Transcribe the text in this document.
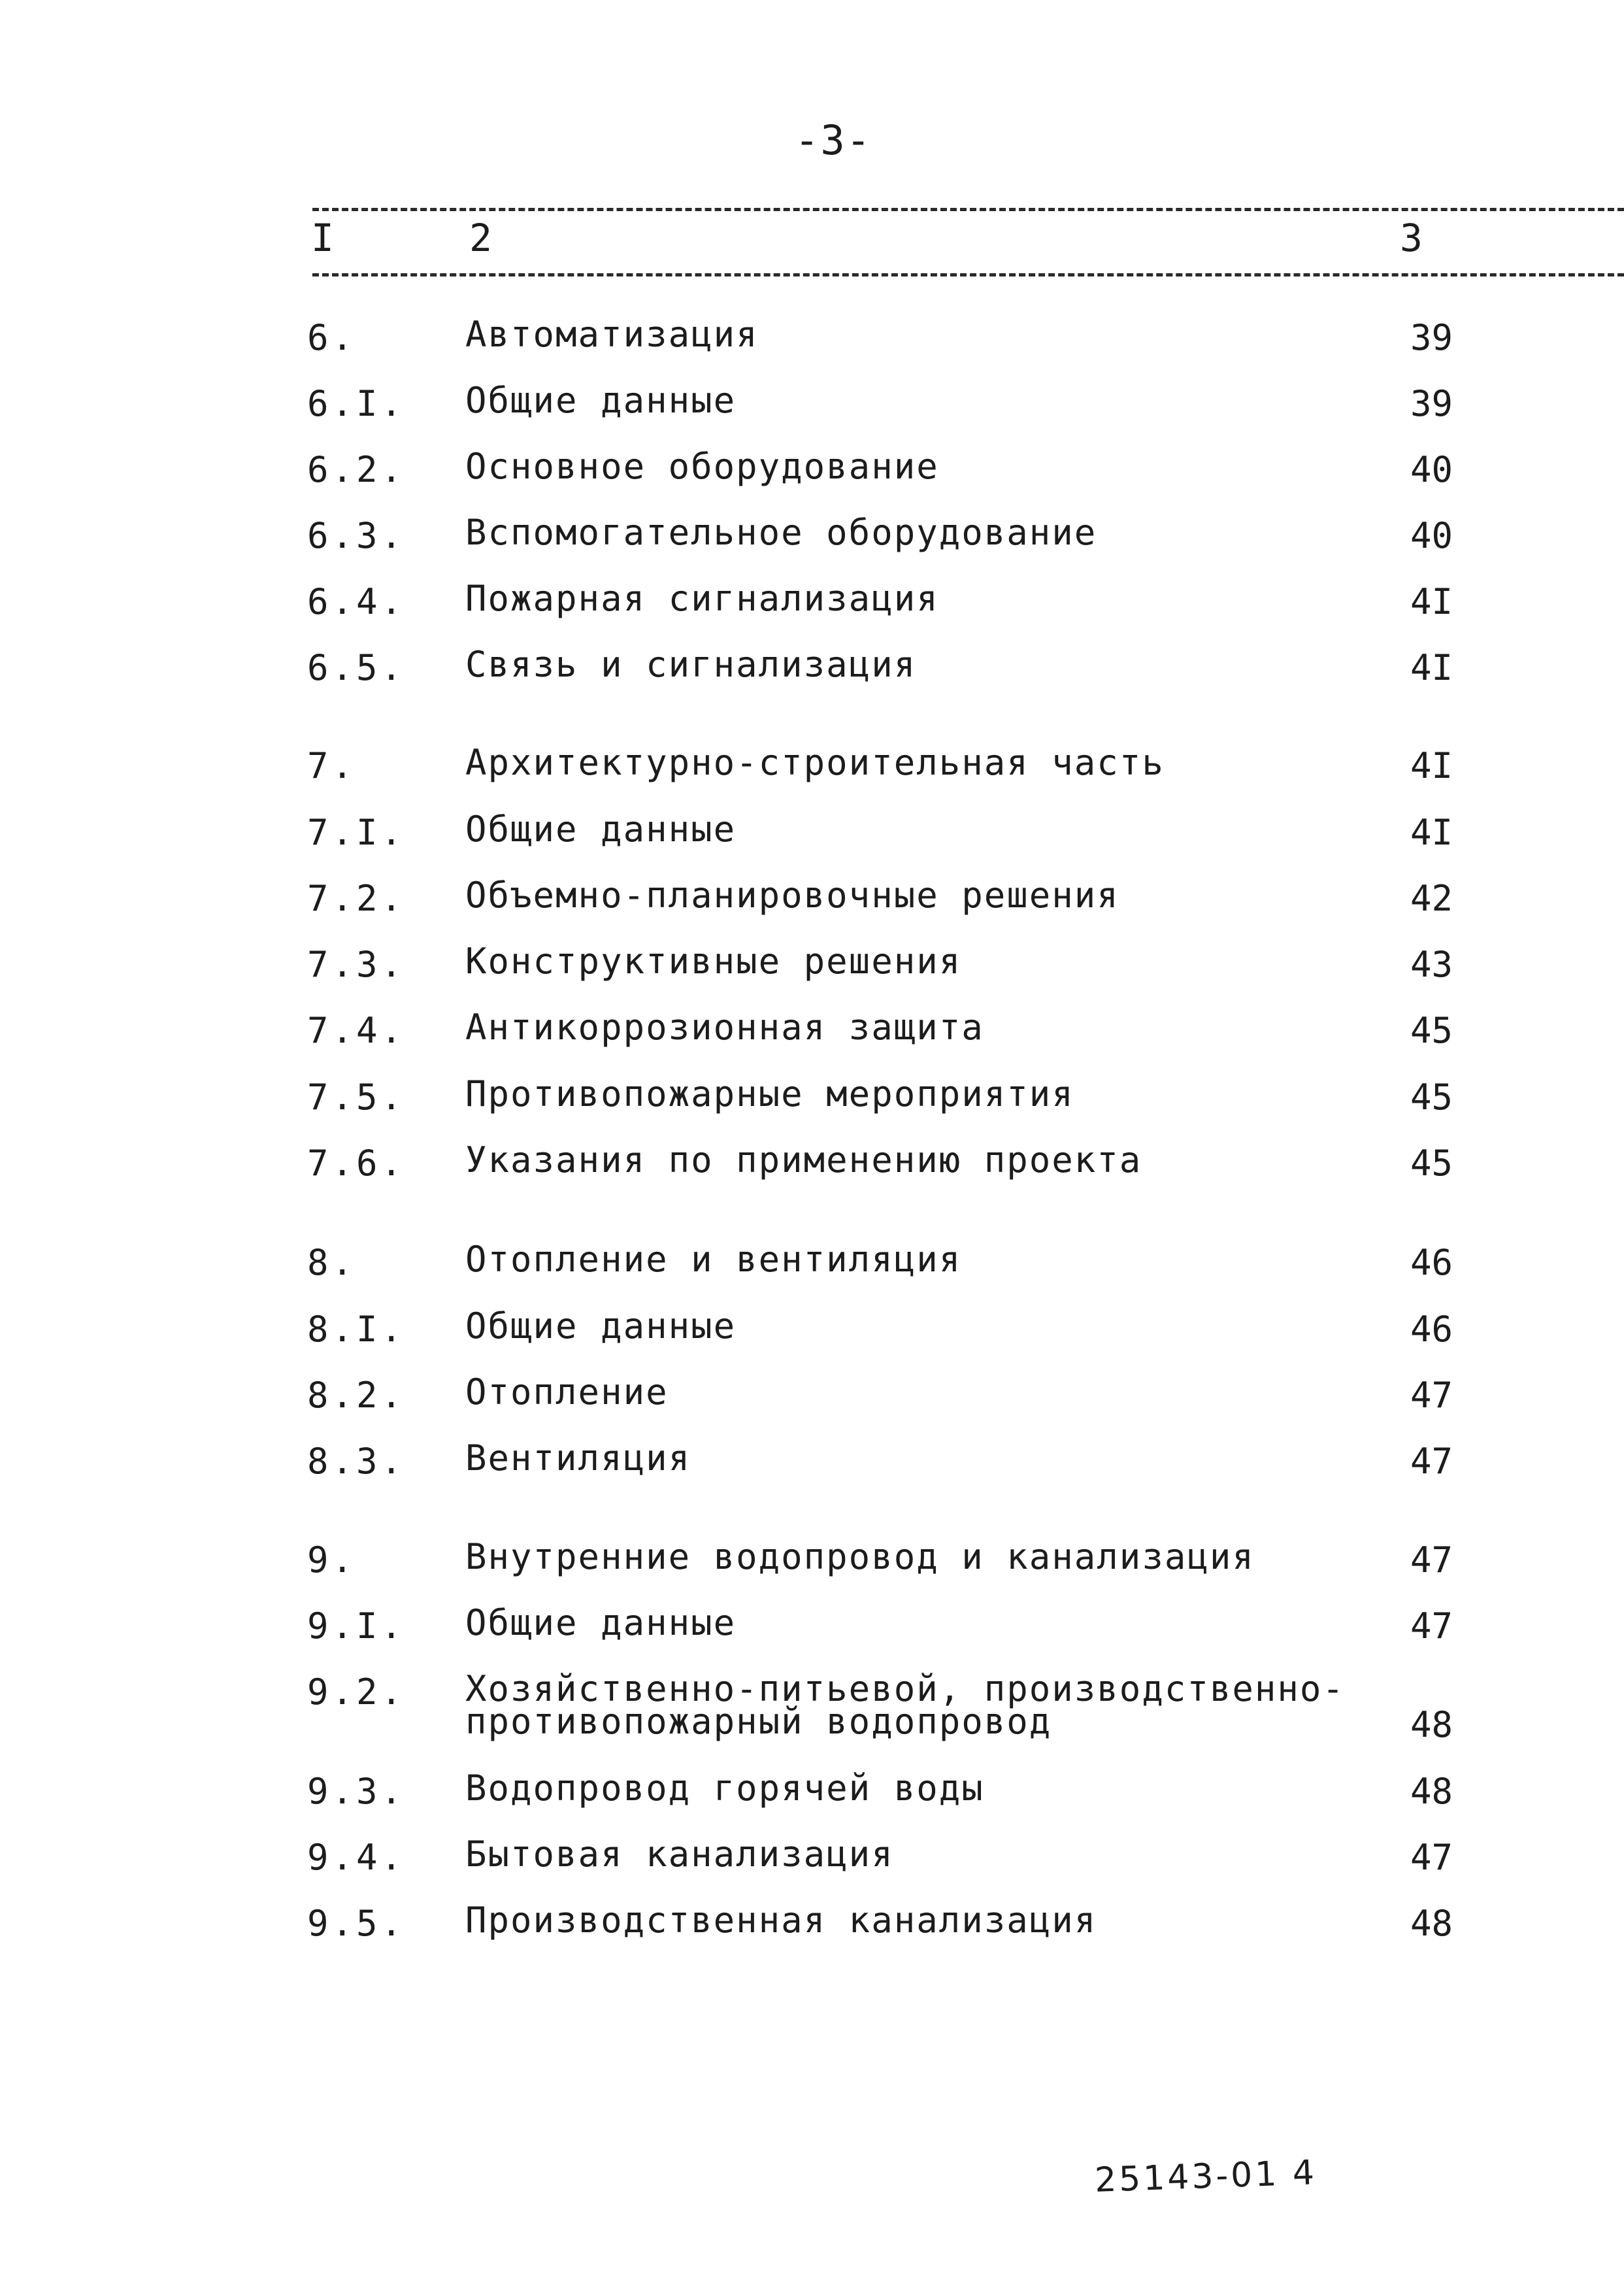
-3-
I	2	3
6.	Автоматизация	39
6.I. Общие данные	39
6.2. Основное оборудование	40
6.3. Вспомогательное оборудование	40
6.4. Пожарная сигнализация	4I
6.5. Связь и сигнализация	4I
7.	Архитектурно-строительная часть	4I
7.I. Общие данные	4I
7.2. Объемно-планировочные решения	42
7.3. Конструктивные решения	43
7.4. Антикоррозионная защита	45
7.5. Противопожарные мероприятия	45
7.6. Указания по применению проекта	45
8.	Отопление и вентиляция	46
8.I. Общие данные	46
8.2. Отопление	47
8.3. Вентиляция	47
9.	Внутренние водопровод и канализация	47
9.I. Общие данные	47
9.2. Хозяйственно-питьевой, производственно-
противопожарный водопровод	48
9.3. Водопровод горячей воды	48
9.4. Бытовая канализация	47
9.5. Производственная канализация	48
25143-01 4
